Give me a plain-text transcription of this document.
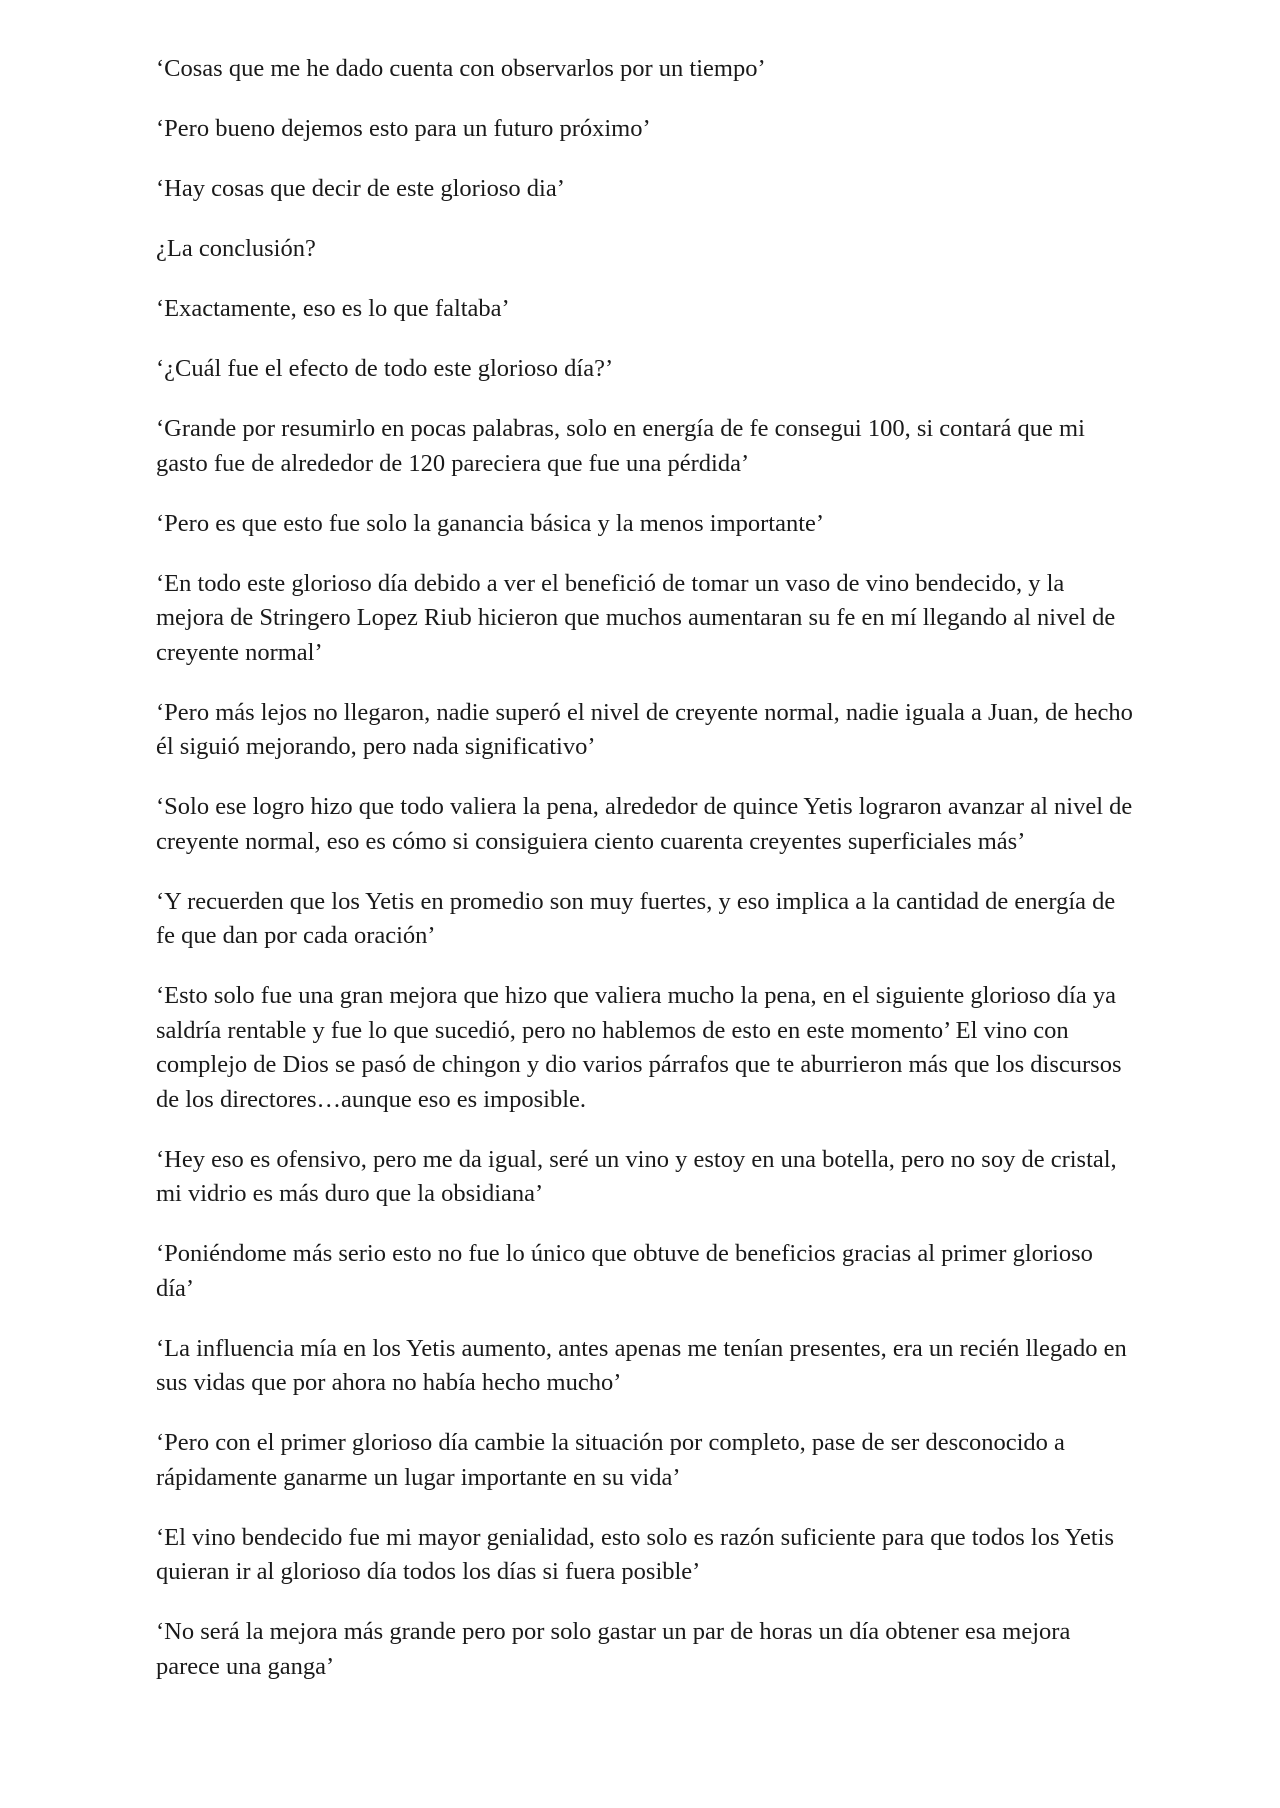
‘Cosas que me he dado cuenta con observarlos por un tiempo’

‘Pero bueno dejemos esto para un futuro próximo’

‘Hay cosas que decir de este glorioso dia’

¿La conclusión?

‘Exactamente, eso es lo que faltaba’

‘¿Cuál fue el efecto de todo este glorioso día?’

‘Grande por resumirlo en pocas palabras, solo en energía de fe consegui 100, si contará que mi gasto fue de alrededor de 120 pareciera que fue una pérdida’

‘Pero es que esto fue solo la ganancia básica y la menos importante’

‘En todo este glorioso día debido a ver el benefició de tomar un vaso de vino bendecido, y la mejora de Stringero Lopez Riub hicieron que muchos aumentaran su fe en mí llegando al nivel de creyente normal’

‘Pero más lejos no llegaron, nadie superó el nivel de creyente normal, nadie iguala a Juan, de hecho él siguió mejorando, pero nada significativo’

‘Solo ese logro hizo que todo valiera la pena, alrededor de quince Yetis lograron avanzar al nivel de creyente normal, eso es cómo si consiguiera ciento cuarenta creyentes superficiales más’

‘Y recuerden que los Yetis en promedio son muy fuertes, y eso implica a la cantidad de energía de fe que dan por cada oración’

‘Esto solo fue una gran mejora que hizo que valiera mucho la pena, en el siguiente glorioso día ya saldría rentable y fue lo que sucedió, pero no hablemos de esto en este momento’ El vino con complejo de Dios se pasó de chingon y dio varios párrafos que te aburrieron más que los discursos de los directores…aunque eso es imposible.

‘Hey eso es ofensivo, pero me da igual, seré un vino y estoy en una botella, pero no soy de cristal, mi vidrio es más duro que la obsidiana’

‘Poniéndome más serio esto no fue lo único que obtuve de beneficios gracias al primer glorioso día’

‘La influencia mía en los Yetis aumento, antes apenas me tenían presentes, era un recién llegado en sus vidas que por ahora no había hecho mucho’

‘Pero con el primer glorioso día cambie la situación por completo, pase de ser desconocido a rápidamente ganarme un lugar importante en su vida’

‘El vino bendecido fue mi mayor genialidad, esto solo es razón suficiente para que todos los Yetis quieran ir al glorioso día todos los días si fuera posible’

‘No será la mejora más grande pero por solo gastar un par de horas un día obtener esa mejora parece una ganga’
